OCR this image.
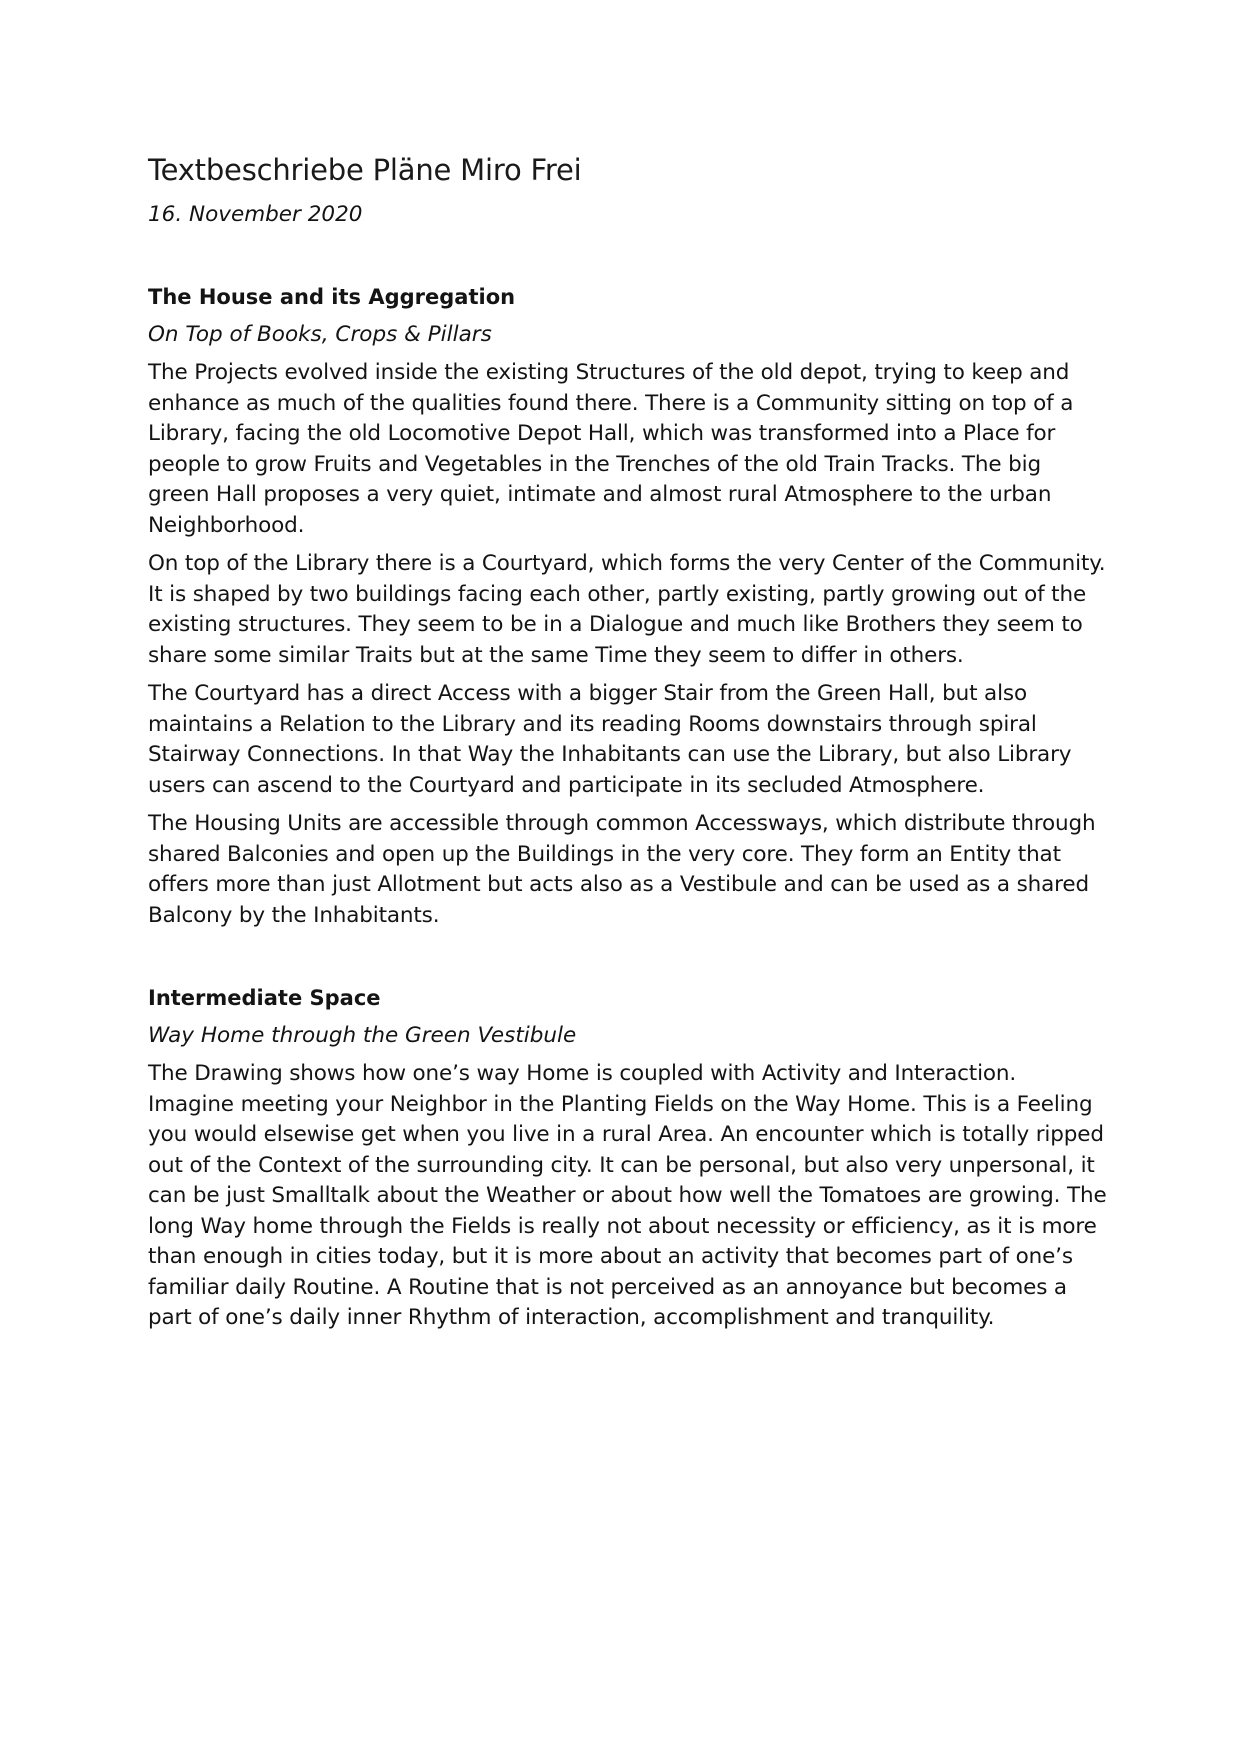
Textbeschriebe Pläne Miro Frei

16. November 2020

The House and its Aggregation

On Top of Books, Crops & Pillars

The Projects evolved inside the existing Structures of the old depot, trying to keep and enhance as much of the qualities found there. There is a Community sitting on top of a Library, facing the old Locomotive Depot Hall, which was transformed into a Place for people to grow Fruits and Vegetables in the Trenches of the old Train Tracks. The big green Hall proposes a very quiet, intimate and almost rural Atmosphere to the urban Neighborhood.

On top of the Library there is a Courtyard, which forms the very Center of the Community. It is shaped by two buildings facing each other, partly existing, partly growing out of the existing structures. They seem to be in a Dialogue and much like Brothers they seem to share some similar Traits but at the same Time they seem to differ in others.

The Courtyard has a direct Access with a bigger Stair from the Green Hall, but also maintains a Relation to the Library and its reading Rooms downstairs through spiral Stairway Connections. In that Way the Inhabitants can use the Library, but also Library users can ascend to the Courtyard and participate in its secluded Atmosphere.

The Housing Units are accessible through common Accessways, which distribute through shared Balconies and open up the Buildings in the very core. They form an Entity that offers more than just Allotment but acts also as a Vestibule and can be used as a shared Balcony by the Inhabitants.

Intermediate Space

Way Home through the Green Vestibule

The Drawing shows how one’s way Home is coupled with Activity and Interaction. Imagine meeting your Neighbor in the Planting Fields on the Way Home. This is a Feeling you would elsewise get when you live in a rural Area. An encounter which is totally ripped out of the Context of the surrounding city. It can be personal, but also very unpersonal, it can be just Smalltalk about the Weather or about how well the Tomatoes are growing. The long Way home through the Fields is really not about necessity or efficiency, as it is more than enough in cities today, but it is more about an activity that becomes part of one’s familiar daily Routine. A Routine that is not perceived as an annoyance but becomes a part of one’s daily inner Rhythm of interaction, accomplishment and tranquility.
